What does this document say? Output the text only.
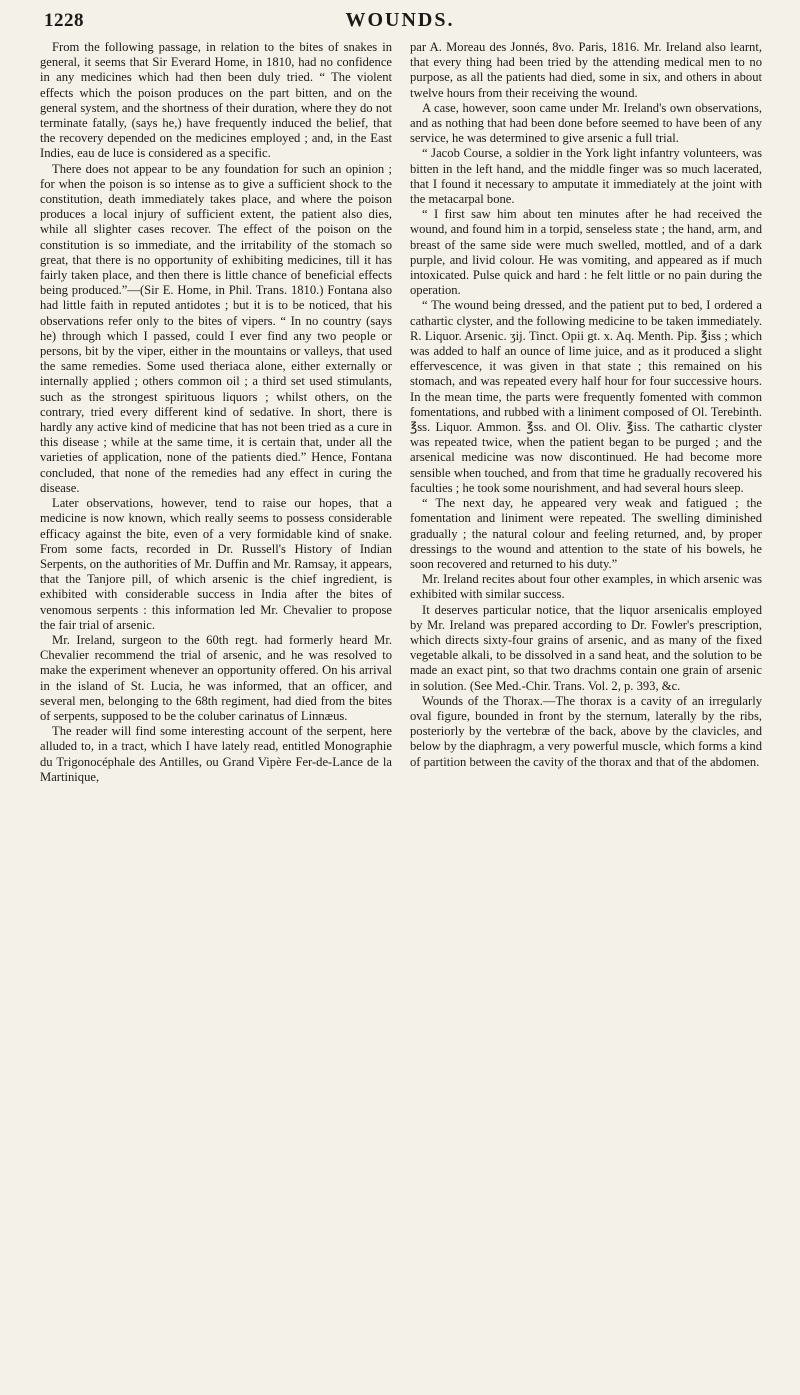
1228	WOUNDS.

From the following passage, in relation to the bites of snakes in general, it seems that Sir Everard Home, in 1810, had no confidence in any medicines which had then been duly tried. “ The violent effects which the poison produces on the part bitten, and on the general system, and the shortness of their duration, where they do not terminate fatally, (says he,) have frequently induced the belief, that the recovery depended on the medicines employed ; and, in the East Indies, eau de luce is considered as a specific.

There does not appear to be any foundation for such an opinion ; for when the poison is so intense as to give a sufficient shock to the constitution, death immediately takes place, and where the poison produces a local injury of sufficient extent, the patient also dies, while all slighter cases recover. The effect of the poison on the constitution is so immediate, and the irritability of the stomach so great, that there is no opportunity of exhibiting medicines, till it has fairly taken place, and then there is little chance of beneficial effects being produced.”—(Sir E. Home, in Phil. Trans. 1810.) Fontana also had little faith in reputed antidotes ; but it is to be noticed, that his observations refer only to the bites of vipers. “ In no country (says he) through which I passed, could I ever find any two people or persons, bit by the viper, either in the mountains or valleys, that used the same remedies. Some used theriaca alone, either externally or internally applied ; others common oil ; a third set used stimulants, such as the strongest spirituous liquors ; whilst others, on the contrary, tried every different kind of sedative. In short, there is hardly any active kind of medicine that has not been tried as a cure in this disease ; while at the same time, it is certain that, under all the varieties of application, none of the patients died.” Hence, Fontana concluded, that none of the remedies had any effect in curing the disease.

Later observations, however, tend to raise our hopes, that a medicine is now known, which really seems to possess considerable efficacy against the bite, even of a very formidable kind of snake. From some facts, recorded in Dr. Russell's History of Indian Serpents, on the authorities of Mr. Duffin and Mr. Ramsay, it appears, that the Tanjore pill, of which arsenic is the chief ingredient, is exhibited with considerable success in India after the bites of venomous serpents : this information led Mr. Chevalier to propose the fair trial of arsenic.

Mr. Ireland, surgeon to the 60th regt. had formerly heard Mr. Chevalier recommend the trial of arsenic, and he was resolved to make the experiment whenever an opportunity offered. On his arrival in the island of St. Lucia, he was informed, that an officer, and several men, belonging to the 68th regiment, had died from the bites of serpents, supposed to be the coluber carinatus of Linnæus.

The reader will find some interesting account of the serpent, here alluded to, in a tract, which I have lately read, entitled Monographie du Trigonocéphale des Antilles, ou Grand Vipère Fer-de-Lance de la Martinique,

par A. Moreau des Jonnés, 8vo. Paris, 1816. Mr. Ireland also learnt, that every thing had been tried by the attending medical men to no purpose, as all the patients had died, some in six, and others in about twelve hours from their receiving the wound.

A case, however, soon came under Mr. Ireland's own observations, and as nothing that had been done before seemed to have been of any service, he was determined to give arsenic a full trial.

“ Jacob Course, a soldier in the York light infantry volunteers, was bitten in the left hand, and the middle finger was so much lacerated, that I found it necessary to amputate it immediately at the joint with the metacarpal bone.

“ I first saw him about ten minutes after he had received the wound, and found him in a torpid, senseless state ; the hand, arm, and breast of the same side were much swelled, mottled, and of a dark purple, and livid colour. He was vomiting, and appeared as if much intoxicated. Pulse quick and hard : he felt little or no pain during the operation.

“ The wound being dressed, and the patient put to bed, I ordered a cathartic clyster, and the following medicine to be taken immediately. R. Liquor. Arsenic. ʒij. Tinct. Opii gt. x. Aq. Menth. Pip. ℥iss ; which was added to half an ounce of lime juice, and as it produced a slight effervescence, it was given in that state ; this remained on his stomach, and was repeated every half hour for four successive hours. In the mean time, the parts were frequently fomented with common fomentations, and rubbed with a liniment composed of Ol. Terebinth. ℥ss. Liquor. Ammon. ℥ss. and Ol. Oliv. ℥iss. The cathartic clyster was repeated twice, when the patient began to be purged ; and the arsenical medicine was now discontinued. He had become more sensible when touched, and from that time he gradually recovered his faculties ; he took some nourishment, and had several hours sleep.

“ The next day, he appeared very weak and fatigued ; the fomentation and liniment were repeated. The swelling diminished gradually ; the natural colour and feeling returned, and, by proper dressings to the wound and attention to the state of his bowels, he soon recovered and returned to his duty.”

Mr. Ireland recites about four other examples, in which arsenic was exhibited with similar success.

It deserves particular notice, that the liquor arsenicalis employed by Mr. Ireland was prepared according to Dr. Fowler's prescription, which directs sixty-four grains of arsenic, and as many of the fixed vegetable alkali, to be dissolved in a sand heat, and the solution to be made an exact pint, so that two drachms contain one grain of arsenic in solution. (See Med.-Chir. Trans. Vol. 2, p. 393, &c.

Wounds of the Thorax.—The thorax is a cavity of an irregularly oval figure, bounded in front by the sternum, laterally by the ribs, posteriorly by the vertebræ of the back, above by the clavicles, and below by the diaphragm, a very powerful muscle, which forms a kind of partition between the cavity of the thorax and that of the abdomen.
